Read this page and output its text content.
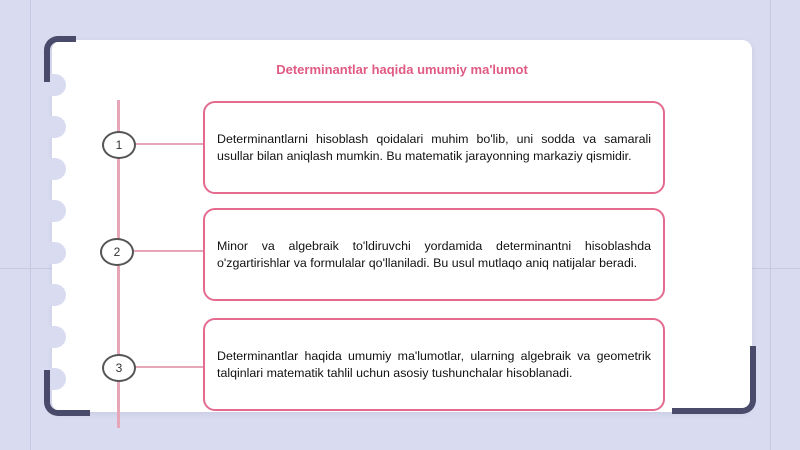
Determinantlar haqida umumiy ma'lumot
1	Determinantlarni hisoblash qoidalari muhim bo'lib, uni sodda va samarali usullar bilan aniqlash mumkin. Bu matematik jarayonning markaziy qismidir.
2	Minor va algebraik to'ldiruvchi yordamida determinantni hisoblashda o'zgartirishlar va formulalar qo'llaniladi. Bu usul mutlaqo aniq natijalar beradi.
3
Determinantlar haqida umumiy ma'lumotlar, ularning algebraik va geometrik talqinlari matematik tahlil uchun asosiy tushunchalar hisoblanadi.
